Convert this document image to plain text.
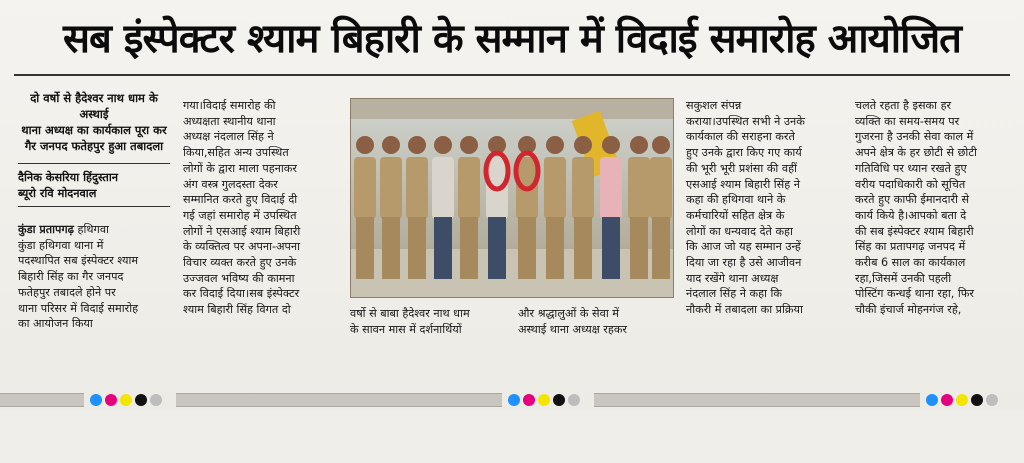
सब इंस्पेक्टर श्याम बिहारी के सम्मान में विदाई समारोह आयोजित
दो वर्षो से हैदेश्वर नाथ धाम के अस्थाई
थाना अध्यक्ष का कार्यकाल पूरा कर
गैर जनपद फतेहपुर हुआ तबादला
दैनिक केसरिया हिंदुस्तान
ब्यूरो रवि मोदनवाल

कुंडा प्रतापगढ़ हथिगवा

कुंडा हथिगवा थाना में

पदस्थापित सब इंस्पेक्टर श्याम

बिहारी सिंह का गैर जनपद

फतेहपुर तबादले होने पर

थाना परिसर में विदाई समारोह

का आयोजन किया

गया।विदाई समारोह की

अध्यक्षता स्थानीय थाना

अध्यक्ष नंदलाल सिंह ने

किया,सहित अन्य उपस्थित

लोगों के द्वारा माला पहनाकर

अंग वस्त्र गुलदस्ता देकर

सम्मानित करते हुए विदाई दी

गई जहां समारोह में उपस्थित

लोगों ने एसआई श्याम बिहारी

के व्यक्तित्व पर अपना-अपना

विचार व्यक्त करते हुए उनके

उज्जवल भविष्य की कामना

कर विदाई दिया।सब इंस्पेक्टर

श्याम बिहारी सिंह विगत दो	वर्षो से बाबा हैदेश्वर नाथ धाम

के सावन मास में दर्शनार्थियों

और श्रद्धालुओं के सेवा में

अस्थाई थाना अध्यक्ष रहकर

सकुशल संपन्न

कराया।उपस्थित सभी ने उनके

कार्यकाल की सराहना करते

हुए उनके द्वारा किए गए कार्य

की भूरी भूरी प्रशंसा की वहीं

एसआई श्याम बिहारी सिंह ने

कहा की हथिगवा थाने के

कर्मचारियों सहित क्षेत्र के

लोगों का धन्यवाद देते कहा

कि आज जो यह सम्मान उन्हें

दिया जा रहा है उसे आजीवन

याद रखेंगे थाना अध्यक्ष

नंदलाल सिंह ने कहा कि

नौकरी में तबादला का प्रक्रिया

चलते रहता है इसका हर

व्यक्ति का समय-समय पर

गुजरना है उनकी सेवा काल में

अपने क्षेत्र के हर छोटी से छोटी

गतिविधि पर ध्यान रखते हुए

वरीय पदाधिकारी को सूचित

करते हुए काफी ईमानदारी से

कार्य किये है।आपको बता दे

की सब इंस्पेक्टर श्याम बिहारी

सिंह का प्रतापगढ़ जनपद में

करीब 6 साल का कार्यकाल

रहा,जिसमें उनकी पहली

पोस्टिंग कन्धई थाना रहा, फिर

चौकी इंचार्ज मोहनगंज रहे,
